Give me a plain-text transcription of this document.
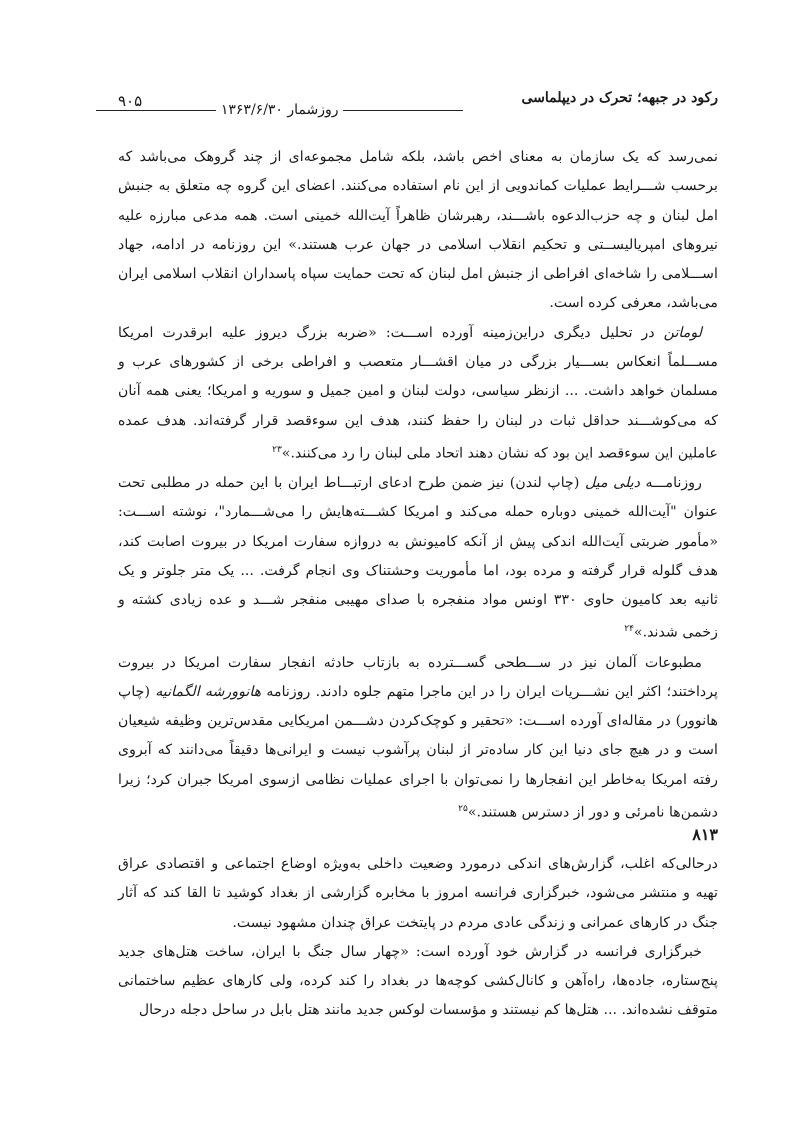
رکود در جبهه؛ تحرک در دیپلماسی
روزشمار ۱۳۶۳/۶/۳۰
۹۰۵

نمی‌رسد که یک سازمان به معنای اخص باشد، بلکه شامل مجموعه‌ای از چند گروهک می‌باشد که برحسب شـــرایط عملیات کماندویی از این نام استفاده می‌کنند. اعضای این گروه چه متعلق به جنبش امل لبنان و چه حزب‌الدعوه باشـــند، رهبرشان ظاهراً آیت‌الله خمینی است. همه مدعی مبارزه علیه نیروهای امپریالیســتی و تحکیم انقلاب اسلامی در جهان عرب هستند.» این روزنامه در ادامه، جهاد اســـلامی را شاخه‌ای افراطی از جنبش امل لبنان که تحت حمایت سپاه پاسداران انقلاب اسلامی ایران می‌باشد، معرفی کرده است.

لوماتن در تحلیل دیگری دراین‌زمینه آورده اســـت: «ضربه بزرگ دیروز علیه ابرقدرت امریکا مســـلماً انعکاس بســـیار بزرگی در میان اقشـــار متعصب و افراطی برخی از کشورهای عرب و مسلمان خواهد داشت. ... ازنظر سیاسی، دولت لبنان و امین جمیل و سوریه و امریکا؛ یعنی همه آنان که می‌کوشـــند حداقل ثبات در لبنان را حفظ کنند، هدف این سوءقصد قرار گرفته‌اند. هدف عمده عاملین این سوءقصد این بود که نشان دهند اتحاد ملی لبنان را رد می‌کنند.»$^{۲۳}$

روزنامـــه دیلی میل (چاپ لندن) نیز ضمن طرح ادعای ارتبـــاط ایران با این حمله در مطلبی تحت عنوان "آیت‌الله خمینی دوباره حمله می‌کند و امریکا کشـــته‌هایش را می‌شـــمارد"، نوشته اســـت: «مأمور ضربتی آیت‌الله اندکی پیش از آنکه کامیونش به دروازه سفارت امریکا در بیروت اصابت کند، هدف گلوله قرار گرفته و مرده بود، اما مأموریت وحشتناک وی انجام گرفت. ... یک متر جلوتر و یک ثانیه بعد کامیون حاوی ۳۳۰ اونس مواد منفجره با صدای مهیبی منفجر شـــد و عده زیادی کشته و زخمی شدند.»$^{۲۴}$

مطبوعات آلمان نیز در ســـطحی گســـترده به بازتاب حادثه انفجار سفارت امریکا در بیروت پرداختند؛ اکثر این نشـــریات ایران را در این ماجرا متهم جلوه دادند. روزنامه هانوورشه الگمانیه (چاپ هانوور) در مقاله‌ای آورده اســـت: «تحقیر و کوچک‌کردن دشـــمن امریکایی مقدس‌ترین وظیفه شیعیان است و در هیچ جای دنیا این کار ساده‌تر از لبنان پرآشوب نیست و ایرانی‌ها دقیقاً می‌دانند که آبروی رفته امریکا به‌خاطر این انفجارها را نمی‌توان با اجرای عملیات نظامی ازسوی امریکا جبران کرد؛ زیرا دشمن‌ها نامرئی و دور از دسترس هستند.»$^{۲۵}$

۸۱۳

درحالی‌که اغلب، گزارش‌های اندکی درمورد وضعیت داخلی به‌ویژه اوضاع اجتماعی و اقتصادی عراق تهیه و منتشر می‌شود، خبرگزاری فرانسه امروز با مخابره گزارشی از بغداد کوشید تا القا کند که آثار جنگ در کارهای عمرانی و زندگی عادی مردم در پایتخت عراق چندان مشهود نیست.

خبرگزاری فرانسه در گزارش خود آورده است: «چهار سال جنگ با ایران، ساخت هتل‌های جدید پنج‌ستاره، جاده‌ها، راه‌آهن و کانال‌کشی کوچه‌ها در بغداد را کند کرده، ولی کارهای عظیم ساختمانی متوقف نشده‌اند. ... هتل‌ها کم نیستند و مؤسسات لوکس جدید مانند هتل بابل در ساحل دجله درحال
